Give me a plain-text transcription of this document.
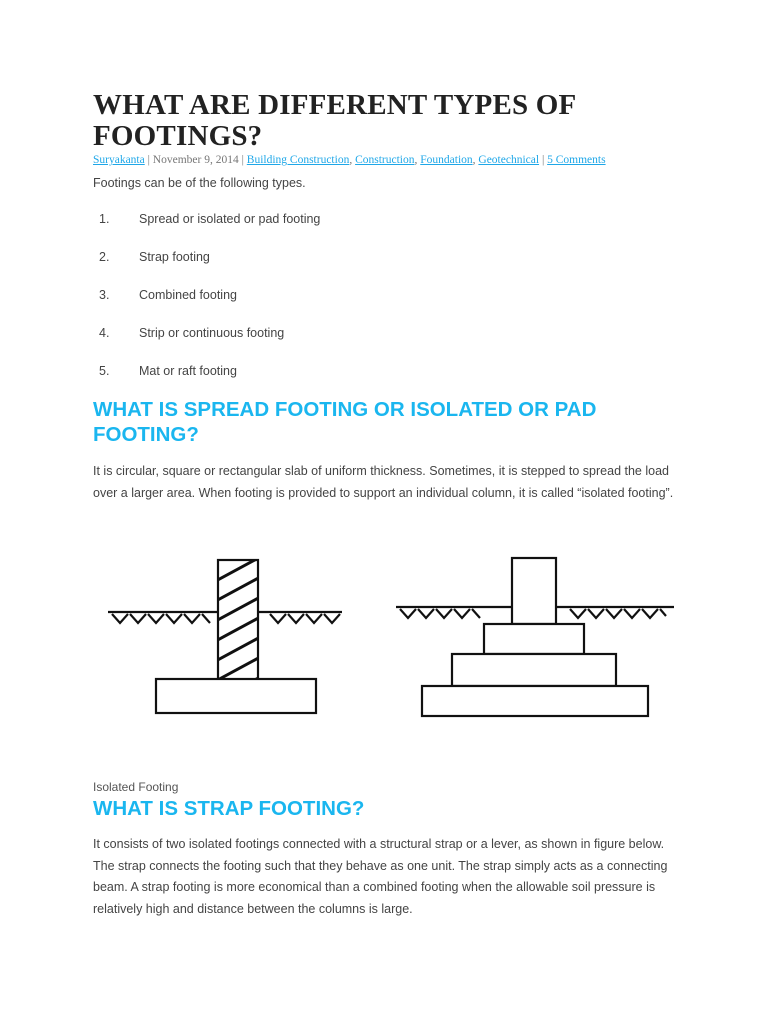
WHAT ARE DIFFERENT TYPES OF FOOTINGS?
Suryakanta | November 9, 2014 | Building Construction, Construction, Foundation, Geotechnical | 5 Comments

Footings can be of the following types.

1. Spread or isolated or pad footing
2. Strap footing
3. Combined footing
4. Strip or continuous footing
5. Mat or raft footing
WHAT IS SPREAD FOOTING OR ISOLATED OR PAD FOOTING?

It is circular, square or rectangular slab of uniform thickness. Sometimes, it is stepped to spread the load over a larger area. When footing is provided to support an individual column, it is called “isolated footing”.

Isolated Footing
WHAT IS STRAP FOOTING?

It consists of two isolated footings connected with a structural strap or a lever, as shown in figure below. The strap connects the footing such that they behave as one unit. The strap simply acts as a connecting beam. A strap footing is more economical than a combined footing when the allowable soil pressure is relatively high and distance between the columns is large.
